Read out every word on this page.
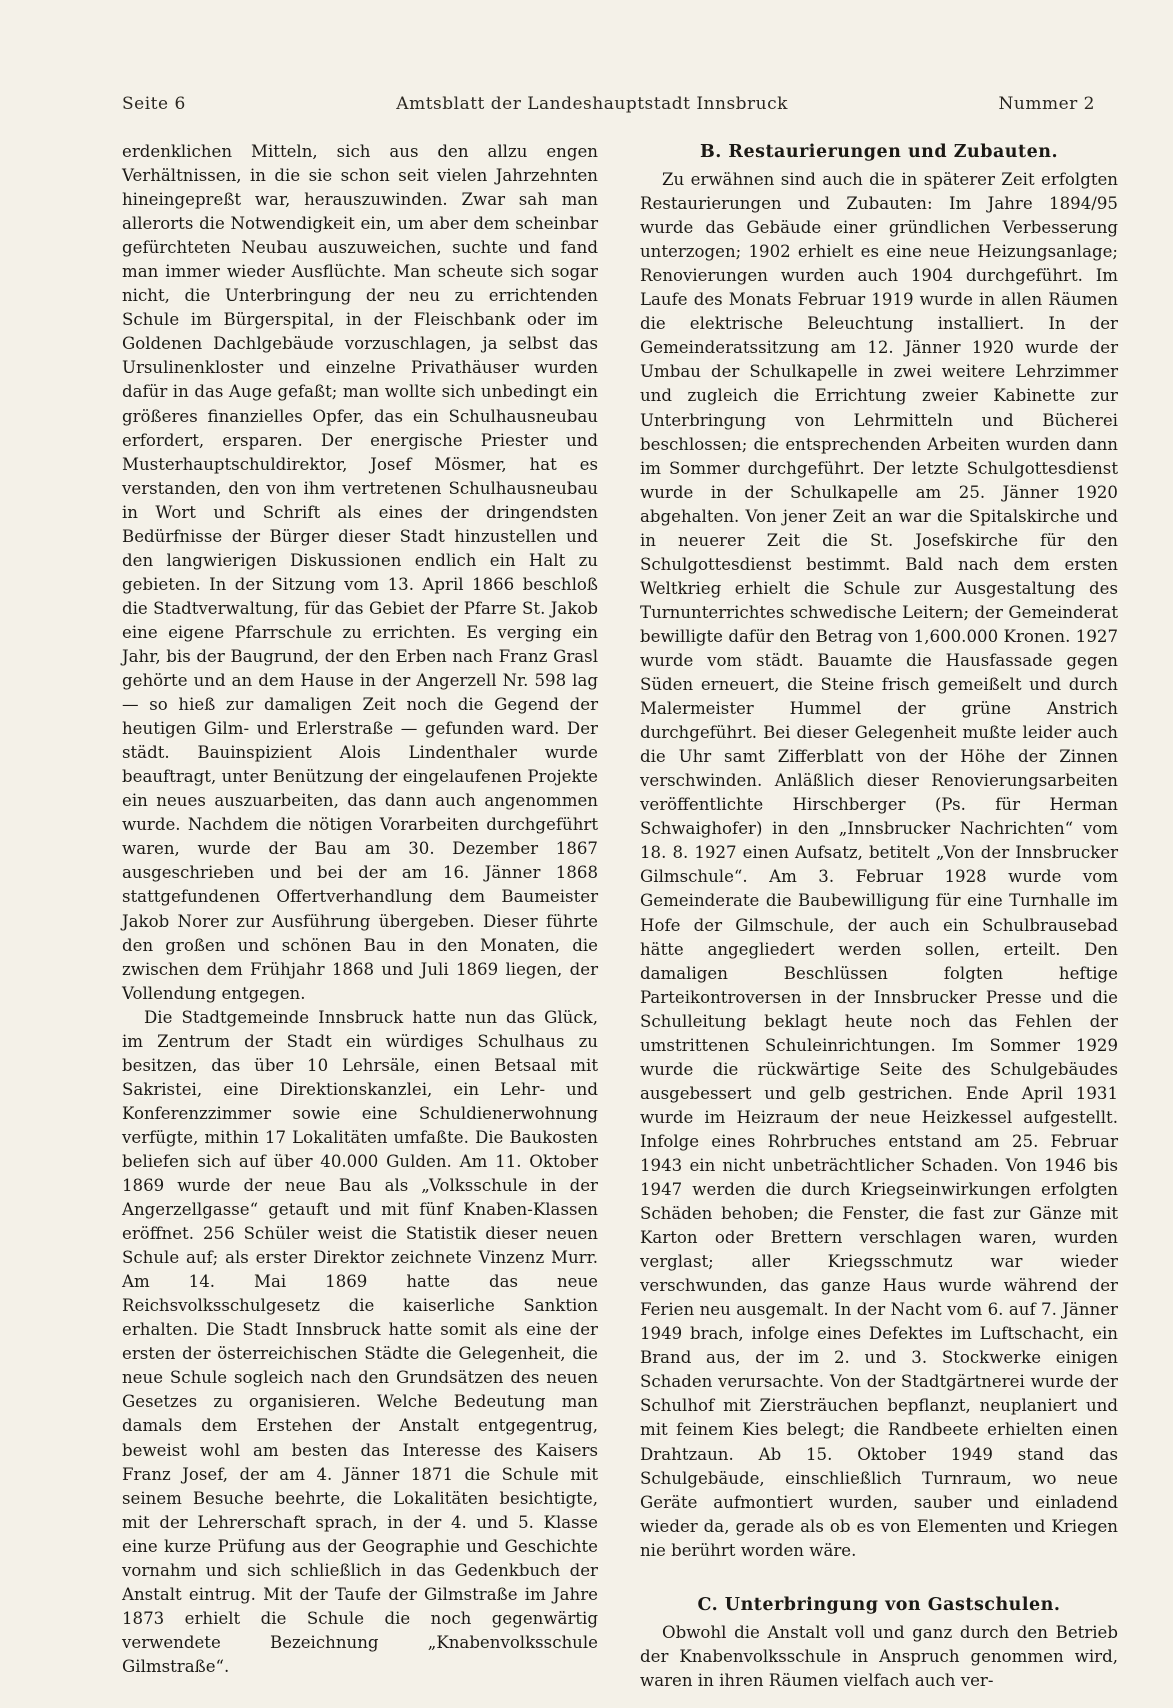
Seite 6	Amtsblatt der Landeshauptstadt Innsbruck	Nummer 2

erdenklichen Mitteln, sich aus den allzu engen Verhältnissen, in die sie schon seit vielen Jahrzehnten hineingepreßt war, herauszuwinden. Zwar sah man allerorts die Notwendigkeit ein, um aber dem scheinbar gefürchteten Neubau auszuweichen, suchte und fand man immer wieder Ausflüchte. Man scheute sich sogar nicht, die Unterbringung der neu zu errichtenden Schule im Bürgerspital, in der Fleischbank oder im Goldenen Dachlgebäude vorzuschlagen, ja selbst das Ursulinenkloster und einzelne Privathäuser wurden dafür in das Auge gefaßt; man wollte sich unbedingt ein größeres finanzielles Opfer, das ein Schulhausneubau erfordert, ersparen. Der energische Priester und Musterhauptschuldirektor, Josef Mösmer, hat es verstanden, den von ihm vertretenen Schulhausneubau in Wort und Schrift als eines der dringendsten Bedürfnisse der Bürger dieser Stadt hinzustellen und den langwierigen Diskussionen endlich ein Halt zu gebieten. In der Sitzung vom 13. April 1866 beschloß die Stadtverwaltung, für das Gebiet der Pfarre St. Jakob eine eigene Pfarrschule zu errichten. Es verging ein Jahr, bis der Baugrund, der den Erben nach Franz Grasl gehörte und an dem Hause in der Angerzell Nr. 598 lag — so hieß zur damaligen Zeit noch die Gegend der heutigen Gilm- und Erlerstraße — gefunden ward. Der städt. Bauinspizient Alois Lindenthaler wurde beauftragt, unter Benützung der eingelaufenen Projekte ein neues auszuarbeiten, das dann auch angenommen wurde. Nachdem die nötigen Vorarbeiten durchgeführt waren, wurde der Bau am 30. Dezember 1867 ausgeschrieben und bei der am 16. Jänner 1868 stattgefundenen Offertverhandlung dem Baumeister Jakob Norer zur Ausführung übergeben. Dieser führte den großen und schönen Bau in den Monaten, die zwischen dem Frühjahr 1868 und Juli 1869 liegen, der Vollendung entgegen.

Die Stadtgemeinde Innsbruck hatte nun das Glück, im Zentrum der Stadt ein würdiges Schulhaus zu besitzen, das über 10 Lehrsäle, einen Betsaal mit Sakristei, eine Direktionskanzlei, ein Lehr- und Konferenzzimmer sowie eine Schuldienerwohnung verfügte, mithin 17 Lokalitäten umfaßte. Die Baukosten beliefen sich auf über 40.000 Gulden. Am 11. Oktober 1869 wurde der neue Bau als „Volksschule in der Angerzellgasse“ getauft und mit fünf Knaben-Klassen eröffnet. 256 Schüler weist die Statistik dieser neuen Schule auf; als erster Direktor zeichnete Vinzenz Murr. Am 14. Mai 1869 hatte das neue Reichsvolksschulgesetz die kaiserliche Sanktion erhalten. Die Stadt Innsbruck hatte somit als eine der ersten der österreichischen Städte die Gelegenheit, die neue Schule sogleich nach den Grundsätzen des neuen Gesetzes zu organisieren. Welche Bedeutung man damals dem Erstehen der Anstalt entgegentrug, beweist wohl am besten das Interesse des Kaisers Franz Josef, der am 4. Jänner 1871 die Schule mit seinem Besuche beehrte, die Lokalitäten besichtigte, mit der Lehrerschaft sprach, in der 4. und 5. Klasse eine kurze Prüfung aus der Geographie und Geschichte vornahm und sich schließlich in das Gedenkbuch der Anstalt eintrug. Mit der Taufe der Gilmstraße im Jahre 1873 erhielt die Schule die noch gegenwärtig verwendete Bezeichnung „Knabenvolksschule Gilmstraße“.

B. Restaurierungen und Zubauten.

Zu erwähnen sind auch die in späterer Zeit erfolgten Restaurierungen und Zubauten: Im Jahre 1894/95 wurde das Gebäude einer gründlichen Verbesserung unterzogen; 1902 erhielt es eine neue Heizungsanlage; Renovierungen wurden auch 1904 durchgeführt. Im Laufe des Monats Februar 1919 wurde in allen Räumen die elektrische Beleuchtung installiert. In der Gemeinderatssitzung am 12. Jänner 1920 wurde der Umbau der Schulkapelle in zwei weitere Lehrzimmer und zugleich die Errichtung zweier Kabinette zur Unterbringung von Lehrmitteln und Bücherei beschlossen; die entsprechenden Arbeiten wurden dann im Sommer durchgeführt. Der letzte Schulgottesdienst wurde in der Schulkapelle am 25. Jänner 1920 abgehalten. Von jener Zeit an war die Spitalskirche und in neuerer Zeit die St. Josefskirche für den Schulgottesdienst bestimmt. Bald nach dem ersten Weltkrieg erhielt die Schule zur Ausgestaltung des Turnunterrichtes schwedische Leitern; der Gemeinderat bewilligte dafür den Betrag von 1,600.000 Kronen. 1927 wurde vom städt. Bauamte die Hausfassade gegen Süden erneuert, die Steine frisch gemeißelt und durch Malermeister Hummel der grüne Anstrich durchgeführt. Bei dieser Gelegenheit mußte leider auch die Uhr samt Zifferblatt von der Höhe der Zinnen verschwinden. Anläßlich dieser Renovierungsarbeiten veröffentlichte Hirschberger (Ps. für Herman Schwaighofer) in den „Innsbrucker Nachrichten“ vom 18. 8. 1927 einen Aufsatz, betitelt „Von der Innsbrucker Gilmschule“. Am 3. Februar 1928 wurde vom Gemeinderate die Baubewilligung für eine Turnhalle im Hofe der Gilmschule, der auch ein Schulbrausebad hätte angegliedert werden sollen, erteilt. Den damaligen Beschlüssen folgten heftige Parteikontroversen in der Innsbrucker Presse und die Schulleitung beklagt heute noch das Fehlen der umstrittenen Schuleinrichtungen. Im Sommer 1929 wurde die rückwärtige Seite des Schulgebäudes ausgebessert und gelb gestrichen. Ende April 1931 wurde im Heizraum der neue Heizkessel aufgestellt. Infolge eines Rohrbruches entstand am 25. Februar 1943 ein nicht unbeträchtlicher Schaden. Von 1946 bis 1947 werden die durch Kriegseinwirkungen erfolgten Schäden behoben; die Fenster, die fast zur Gänze mit Karton oder Brettern verschlagen waren, wurden verglast; aller Kriegsschmutz war wieder verschwunden, das ganze Haus wurde während der Ferien neu ausgemalt. In der Nacht vom 6. auf 7. Jänner 1949 brach, infolge eines Defektes im Luftschacht, ein Brand aus, der im 2. und 3. Stockwerke einigen Schaden verursachte. Von der Stadtgärtnerei wurde der Schulhof mit Ziersträuchen bepflanzt, neuplaniert und mit feinem Kies belegt; die Randbeete erhielten einen Drahtzaun. Ab 15. Oktober 1949 stand das Schulgebäude, einschließlich Turnraum, wo neue Geräte aufmontiert wurden, sauber und einladend wieder da, gerade als ob es von Elementen und Kriegen nie berührt worden wäre.

C. Unterbringung von Gastschulen.

Obwohl die Anstalt voll und ganz durch den Betrieb der Knabenvolksschule in Anspruch genommen wird, waren in ihren Räumen vielfach auch ver-
